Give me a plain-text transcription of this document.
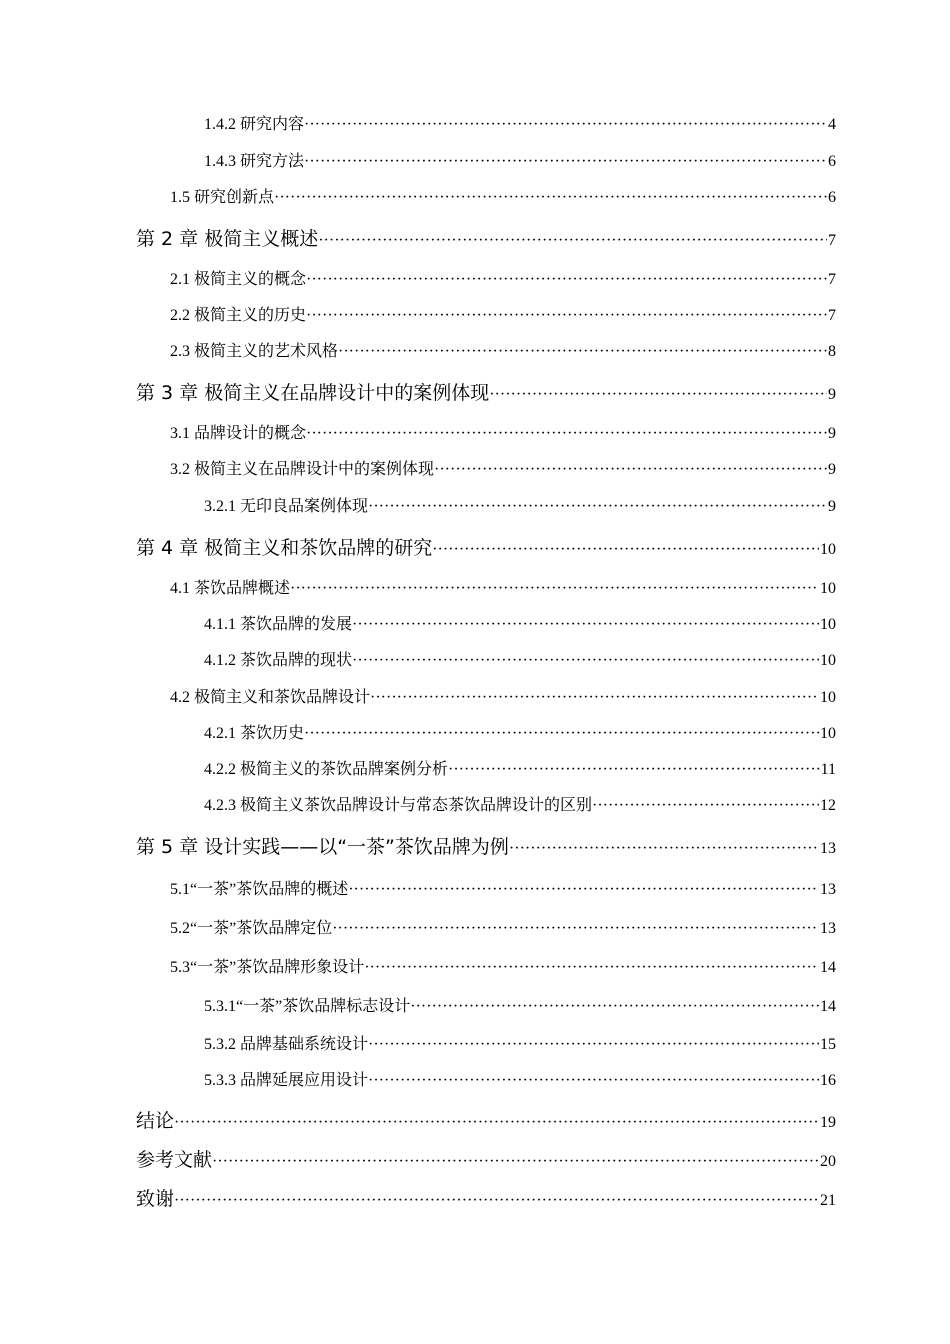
1.4.2 研究内容 ·····	4
1.4.3 研究方法 ·····	6
1.5 研究创新点 ·····	6
第 2 章 极简主义概述 ·····	7
2.1 极简主义的概念 ·····	7
2.2 极简主义的历史 ·····	7
2.3 极简主义的艺术风格 ·····	8
第 3 章 极简主义在品牌设计中的案例体现 ·····	9
3.1 品牌设计的概念 ·····	9
3.2 极简主义在品牌设计中的案例体现 ·····	9
3.2.1 无印良品案例体现 ·····	9
第 4 章 极简主义和茶饮品牌的研究 ·····	10
4.1 茶饮品牌概述 ·····	10
4.1.1 茶饮品牌的发展 ·····	10
4.1.2 茶饮品牌的现状 ·····	10
4.2 极简主义和茶饮品牌设计 ·····	10
4.2.1 茶饮历史 ·····	10
4.2.2 极简主义的茶饮品牌案例分析 ·····	11
4.2.3 极简主义茶饮品牌设计与常态茶饮品牌设计的区别 ·····	12
第 5 章 设计实践——以“一茶”茶饮品牌为例 ·····	13
5.1“一茶”茶饮品牌的概述 ·····	13
5.2“一茶”茶饮品牌定位 ·····	13
5.3“一茶”茶饮品牌形象设计 ·····	14
5.3.1“一茶”茶饮品牌标志设计 ·····	14
5.3.2 品牌基础系统设计 ·····	15
5.3.3 品牌延展应用设计 ·····	16
结论 ·····	19
参考文献 ·····	20
致谢 ·····	21
